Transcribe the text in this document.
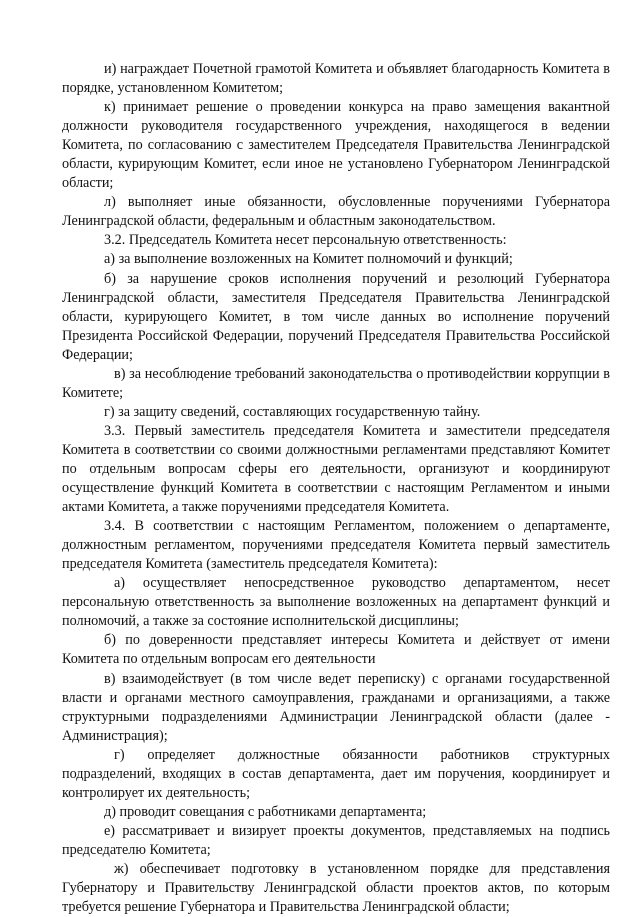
и) награждает Почетной грамотой Комитета и объявляет благодарность Комитета в порядке, установленном Комитетом;

к) принимает решение о проведении конкурса на право замещения вакантной должности руководителя государственного учреждения, находящегося в ведении Комитета, по согласованию с заместителем Председателя Правительства Ленинградской области, курирующим Комитет, если иное не установлено Губернатором Ленинградской области;

л) выполняет иные обязанности, обусловленные поручениями Губернатора Ленинградской области, федеральным и областным законодательством.

3.2. Председатель Комитета несет персональную ответственность:

а) за выполнение возложенных на Комитет полномочий и функций;

б) за нарушение сроков исполнения поручений и резолюций Губернатора Ленинградской области, заместителя Председателя Правительства Ленинградской области, курирующего Комитет, в том числе данных во исполнение поручений Президента Российской Федерации, поручений Председателя Правительства Российской Федерации;

в) за несоблюдение требований законодательства о противодействии коррупции в Комитете;

г) за защиту сведений, составляющих государственную тайну.

3.3. Первый заместитель председателя Комитета и заместители председателя Комитета в соответствии со своими должностными регламентами представляют Комитет по отдельным вопросам сферы его деятельности, организуют и координируют осуществление функций Комитета в соответствии с настоящим Регламентом и иными актами Комитета, а также поручениями председателя Комитета.

3.4. В соответствии с настоящим Регламентом, положением о департаменте, должностным регламентом, поручениями председателя Комитета первый заместитель председателя Комитета (заместитель председателя Комитета):

а) осуществляет непосредственное руководство департаментом, несет персональную ответственность за выполнение возложенных на департамент функций и полномочий, а также за состояние исполнительской дисциплины;

б) по доверенности представляет интересы Комитета и действует от имени Комитета по отдельным вопросам его деятельности

в) взаимодействует (в том числе ведет переписку) с органами государственной власти и органами местного самоуправления, гражданами и организациями, а также структурными подразделениями Администрации Ленинградской области (далее - Администрация);

г) определяет должностные обязанности работников структурных подразделений, входящих в состав департамента, дает им поручения, координирует и контролирует их деятельность;

д) проводит совещания с работниками департамента;

е) рассматривает и визирует проекты документов, представляемых на подпись председателю Комитета;

ж) обеспечивает подготовку в установленном порядке для представления Губернатору и Правительству Ленинградской области проектов актов, по которым требуется решение Губернатора и Правительства Ленинградской области;
